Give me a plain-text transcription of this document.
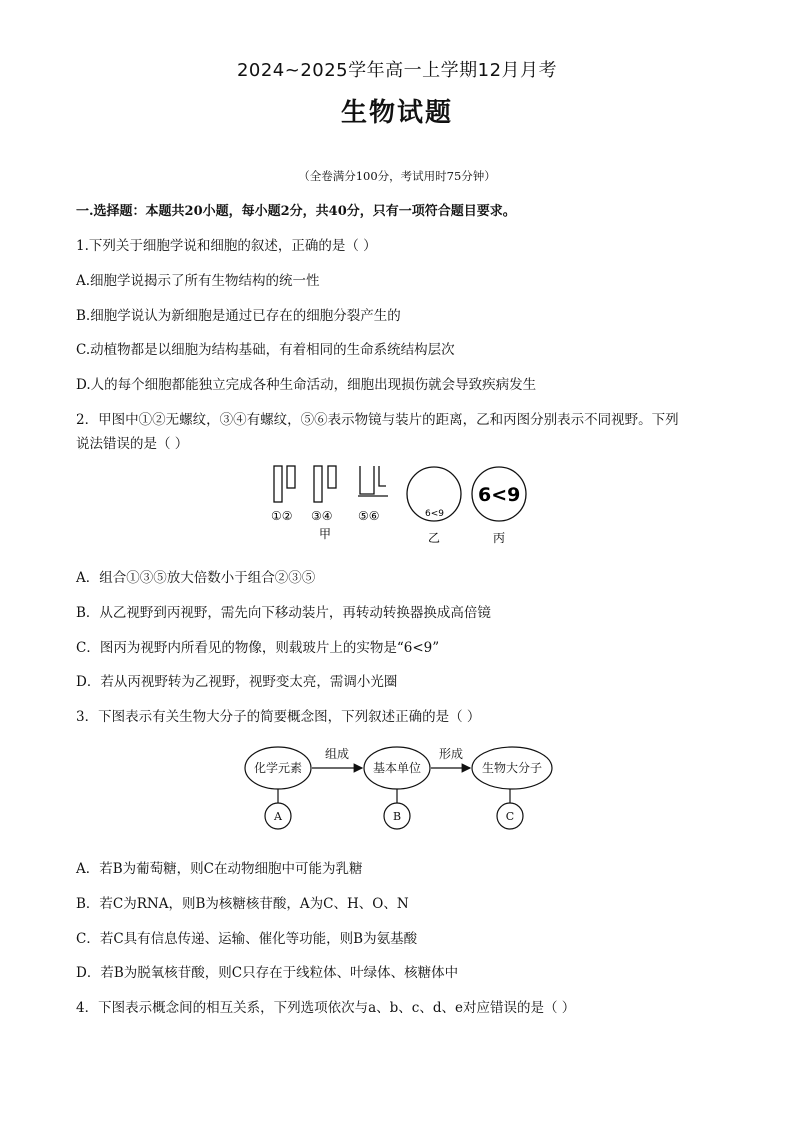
2024~2025学年高一上学期12月月考
生物试题
（全卷满分100分，考试用时75分钟）
一.选择题：本题共20小题，每小题2分，共40分，只有一项符合题目要求。
1.下列关于细胞学说和细胞的叙述，正确的是（ ）
A.细胞学说揭示了所有生物结构的统一性
B.细胞学说认为新细胞是通过已存在的细胞分裂产生的
C.动植物都是以细胞为结构基础，有着相同的生命系统结构层次
D.人的每个细胞都能独立完成各种生命活动，细胞出现损伤就会导致疾病发生
2．甲图中①②无螺纹，③④有螺纹，⑤⑥表示物镜与装片的距离，乙和丙图分别表示不同视野。下列
说法错误的是（ ）
①② ③④ ⑤⑥
甲
6<9
乙
6<9
丙
A．组合①③⑤放大倍数小于组合②③⑤
B．从乙视野到丙视野，需先向下移动装片，再转动转换器换成高倍镜
C．图丙为视野内所看见的物像，则载玻片上的实物是“6<9”
D．若从丙视野转为乙视野，视野变太亮，需调小光圈
3．下图表示有关生物大分子的简要概念图，下列叙述正确的是（ ）
化学元素	基本单位	生物大分子
组成	形成
A	B	C
A．若B为葡萄糖，则C在动物细胞中可能为乳糖
B．若C为RNA，则B为核糖核苷酸，A为C、H、O、N
C．若C具有信息传递、运输、催化等功能，则B为氨基酸
D．若B为脱氧核苷酸，则C只存在于线粒体、叶绿体、核糖体中
4．下图表示概念间的相互关系，下列选项依次与a、b、c、d、e对应错误的是（ ）
